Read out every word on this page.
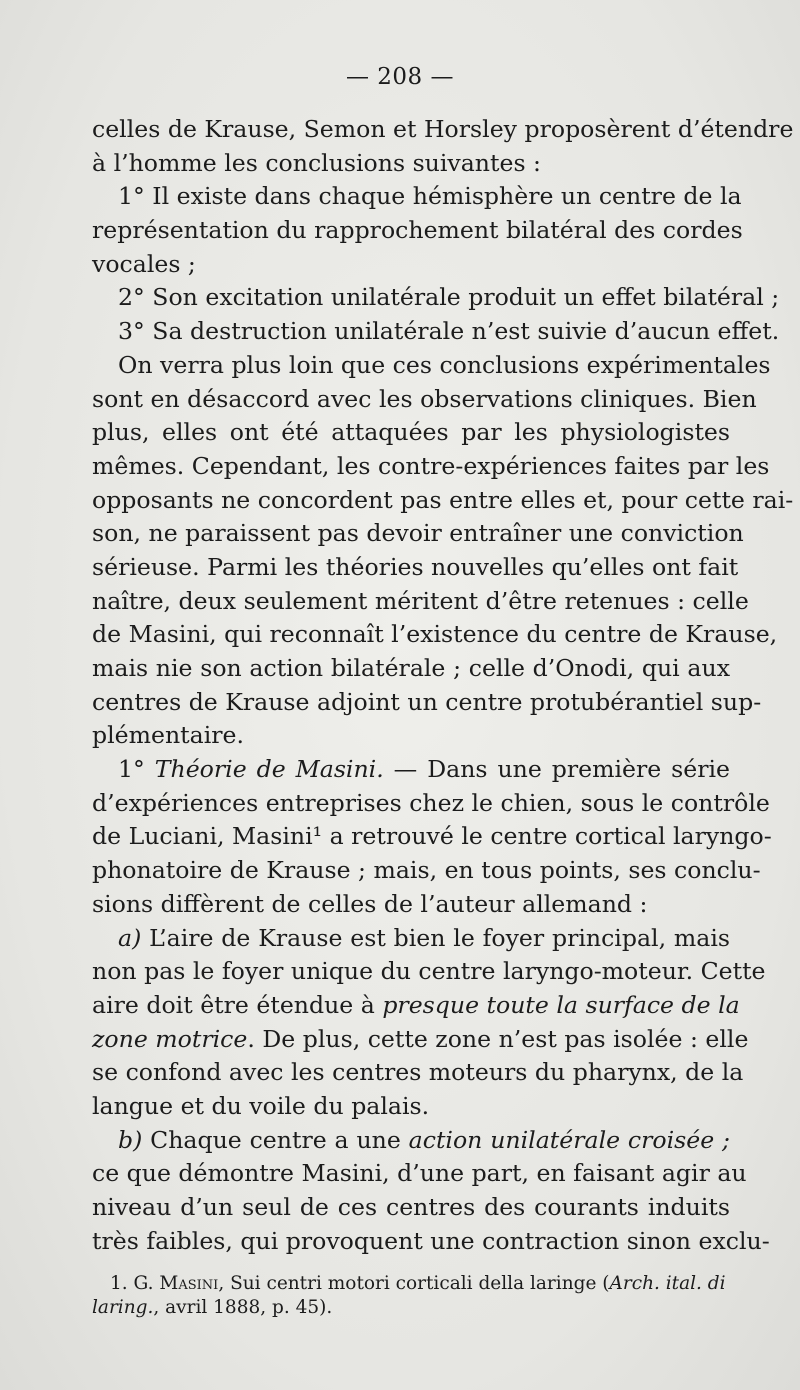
— 208 —
celles de Krause, Semon et Horsley proposèrent d’étendre
à l’homme les conclusions suivantes :
1° Il existe dans chaque hémisphère un centre de la
représentation du rapprochement bilatéral des cordes
vocales ;
2° Son excitation unilatérale produit un effet bilatéral ;
3° Sa destruction unilatérale n’est suivie d’aucun effet.
On verra plus loin que ces conclusions expérimentales
sont en désaccord avec les observations cliniques. Bien
plus, elles ont été attaquées par les physiologistes
mêmes. Cependant, les contre-expériences faites par les
opposants ne concordent pas entre elles et, pour cette rai-
son, ne paraissent pas devoir entraîner une conviction
sérieuse. Parmi les théories nouvelles qu’elles ont fait
naître, deux seulement méritent d’être retenues : celle
de Masini, qui reconnaît l’existence du centre de Krause,
mais nie son action bilatérale ; celle d’Onodi, qui aux
centres de Krause adjoint un centre protubérantiel sup-
plémentaire.
1° Théorie de Masini. — Dans une première série
d’expériences entreprises chez le chien, sous le contrôle
de Luciani, Masini¹ a retrouvé le centre cortical laryngo-
phonatoire de Krause ; mais, en tous points, ses conclu-
sions diffèrent de celles de l’auteur allemand :
a) L’aire de Krause est bien le foyer principal, mais
non pas le foyer unique du centre laryngo-moteur. Cette
aire doit être étendue à presque toute la surface de la
zone motrice. De plus, cette zone n’est pas isolée : elle
se confond avec les centres moteurs du pharynx, de la
langue et du voile du palais.
b) Chaque centre a une action unilatérale croisée ;
ce que démontre Masini, d’une part, en faisant agir au
niveau d’un seul de ces centres des courants induits
très faibles, qui provoquent une contraction sinon exclu-
1. G. Masini, Sui centri motori corticali della laringe (Arch. ital. di
laring., avril 1888, p. 45).
